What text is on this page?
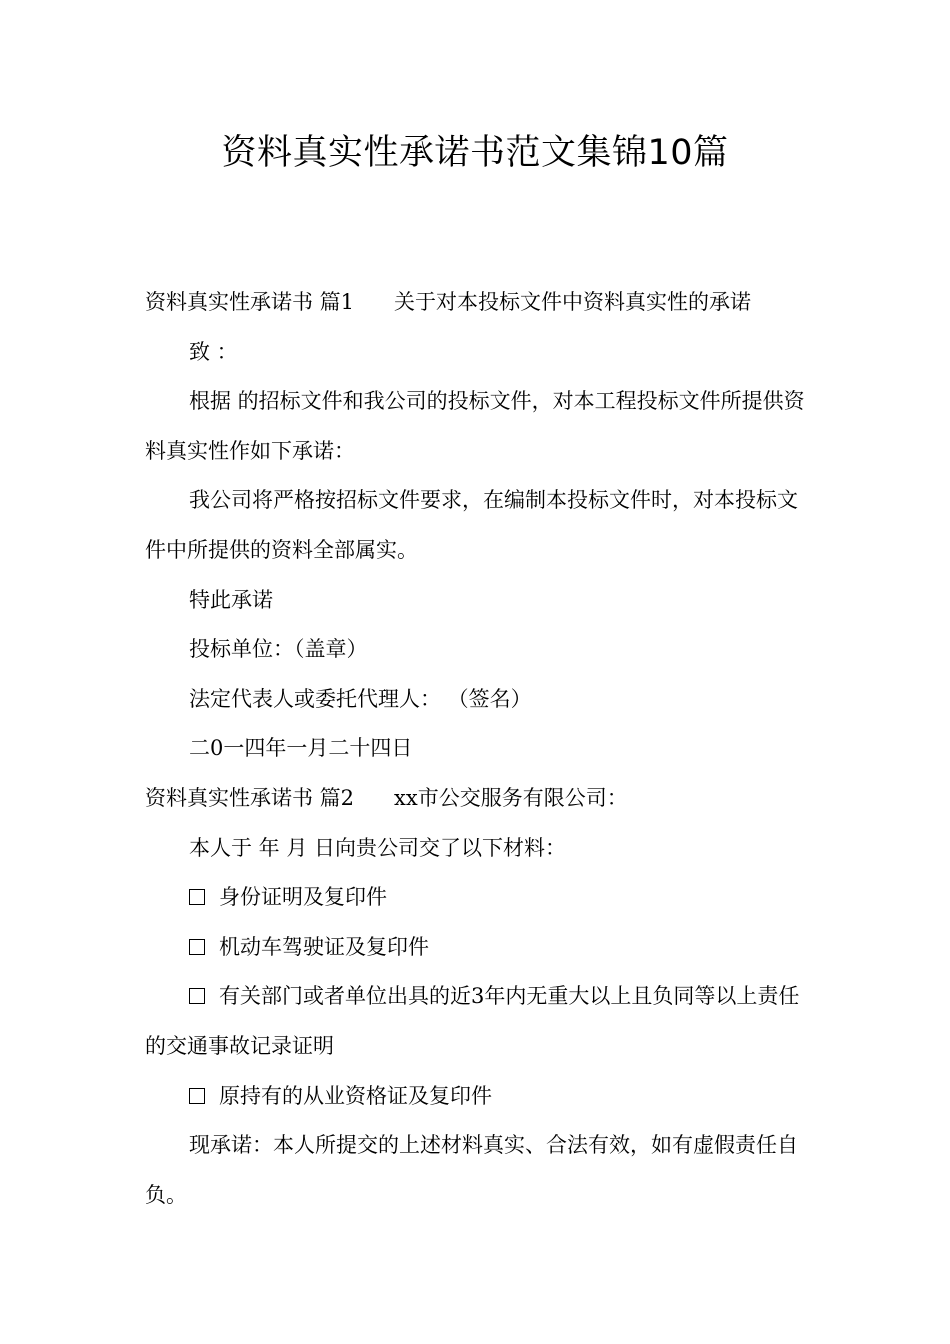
资料真实性承诺书范文集锦10篇

资料真实性承诺书 篇1 关于对本投标文件中资料真实性的承诺

致 ：

根据 的招标文件和我公司的投标文件，对本工程投标文件所提供资料真实性作如下承诺：

我公司将严格按招标文件要求，在编制本投标文件时，对本投标文件中所提供的资料全部属实。

特此承诺

投标单位：（盖章）

法定代表人或委托代理人： （签名）

二0一四年一月二十四日

资料真实性承诺书 篇2 xx市公交服务有限公司：

本人于 年 月 日向贵公司交了以下材料：

身份证明及复印件

机动车驾驶证及复印件

有关部门或者单位出具的近3年内无重大以上且负同等以上责任的交通事故记录证明

原持有的从业资格证及复印件

现承诺：本人所提交的上述材料真实、合法有效，如有虚假责任自负。
